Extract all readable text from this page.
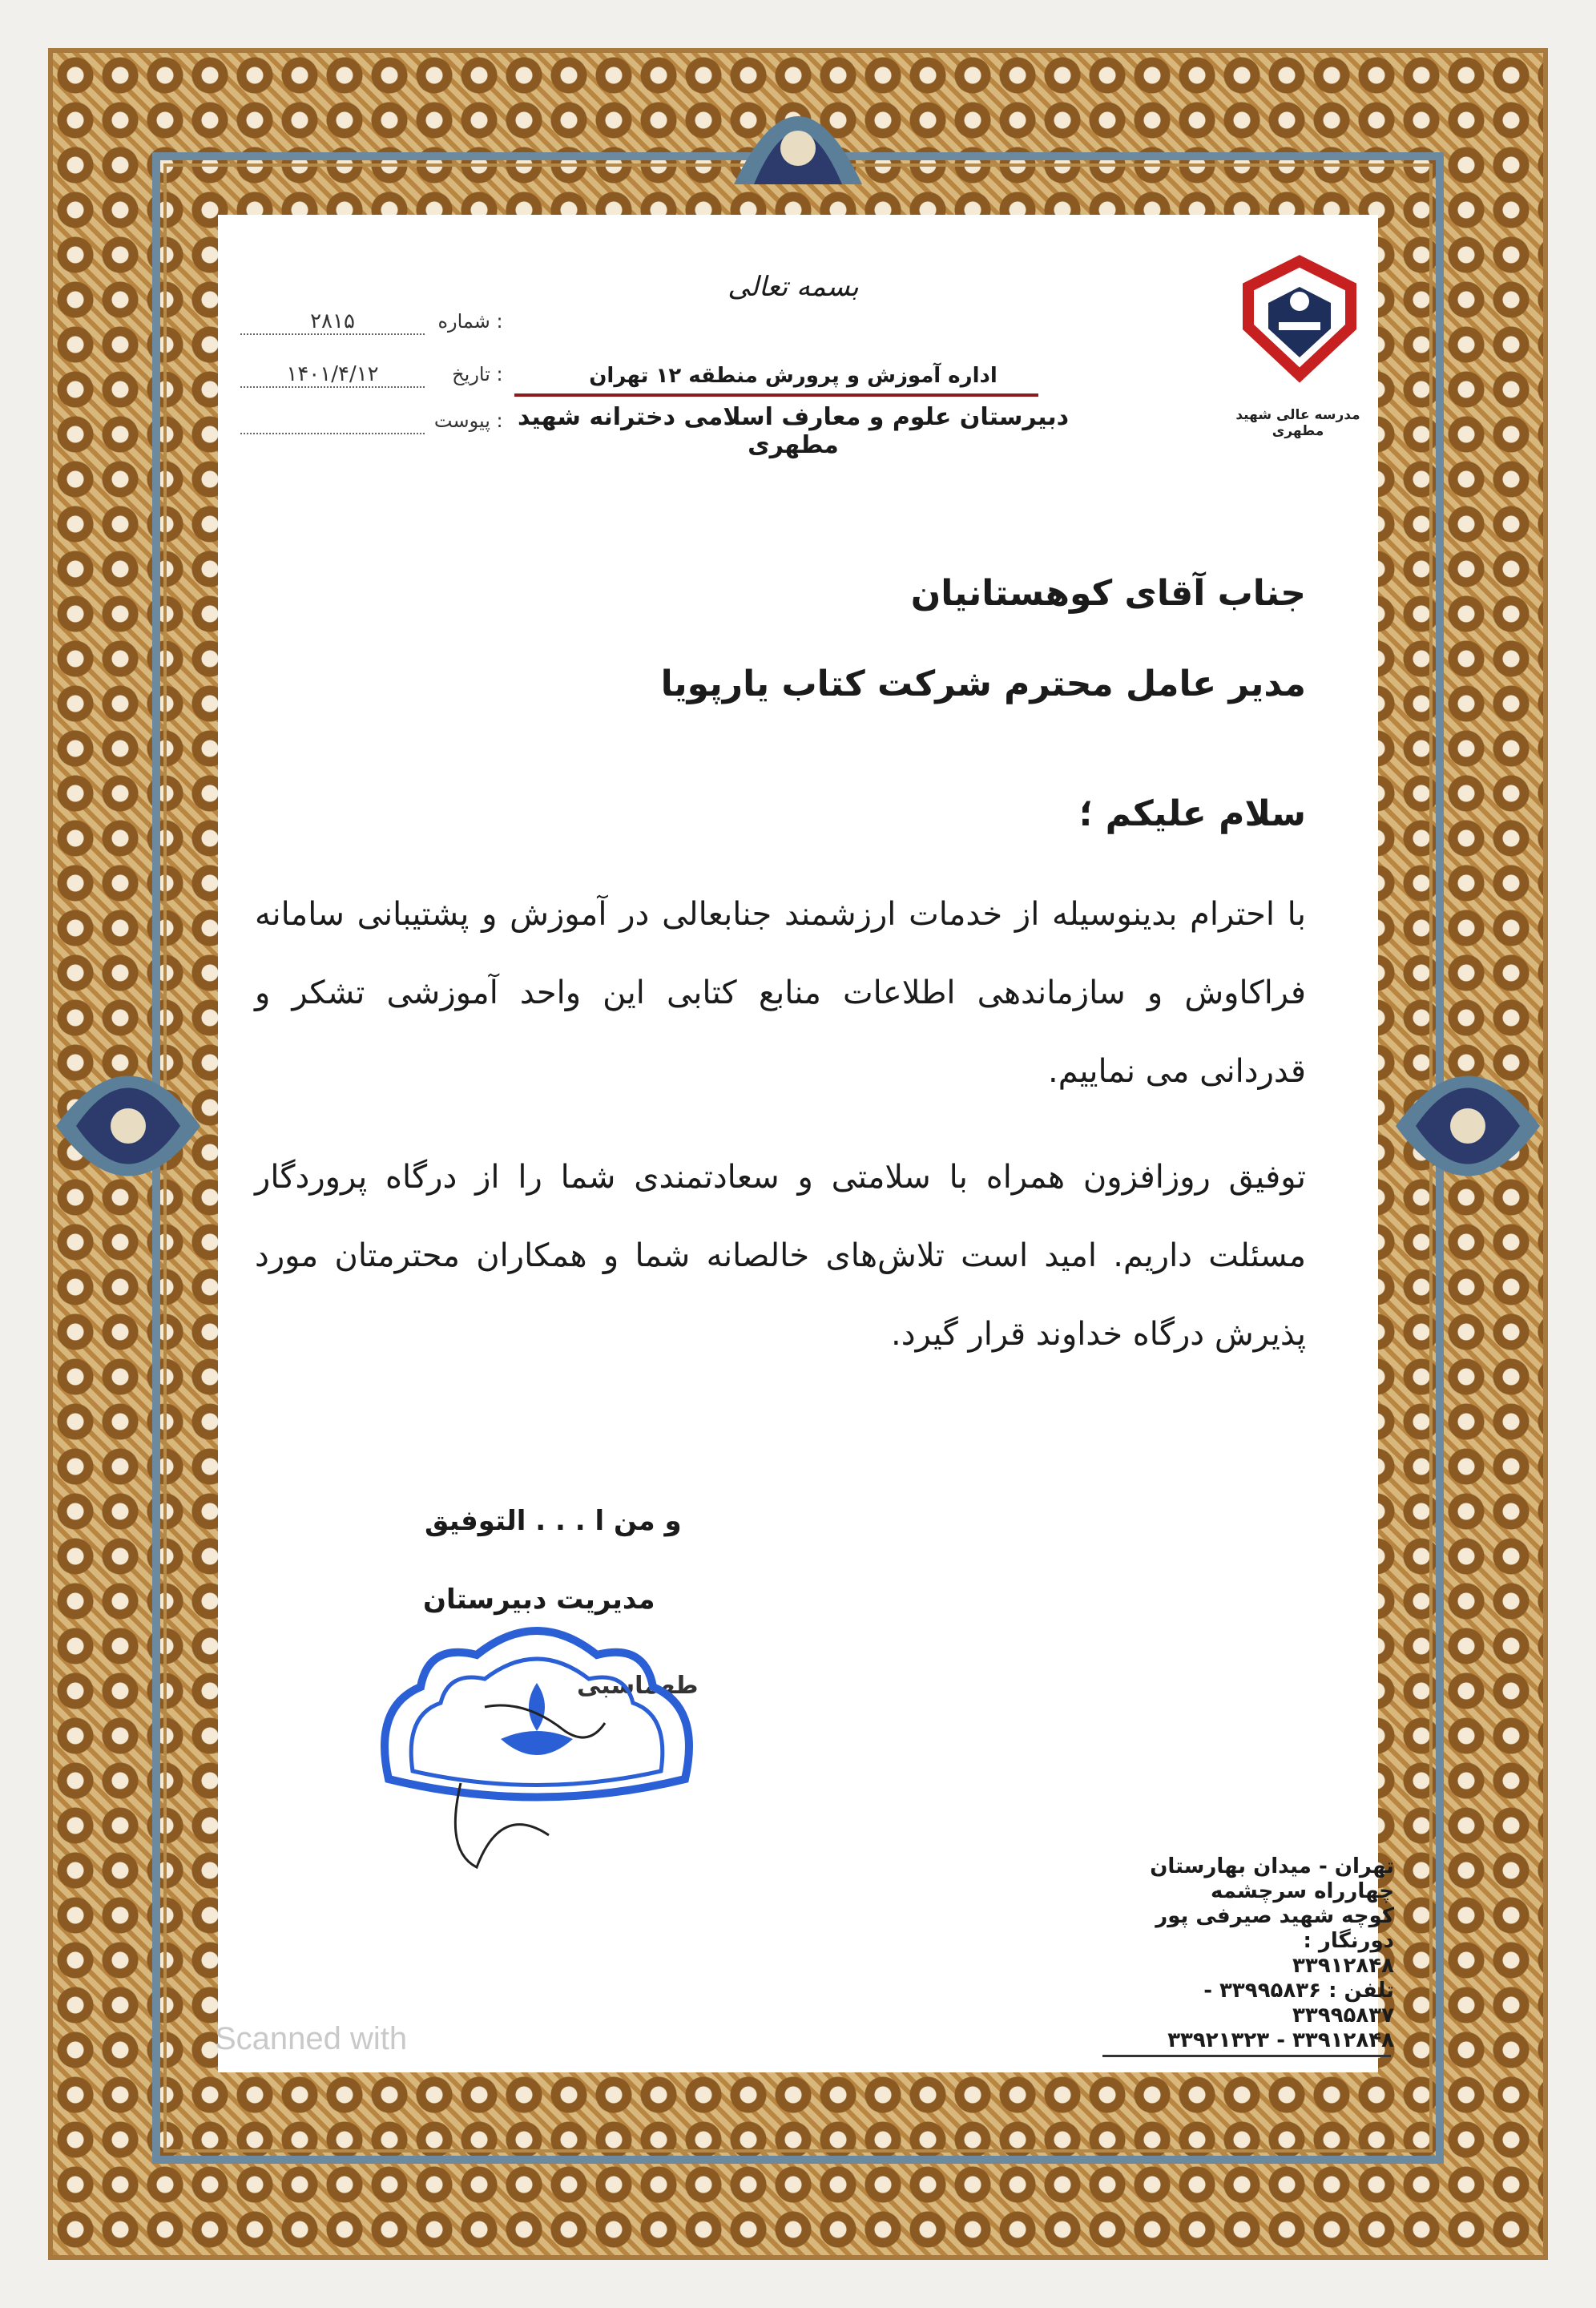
مدرسه عالی شهید مطهری
بسمه تعالی
اداره آموزش و پرورش منطقه ۱۲ تهران
دبیرستان علوم و معارف اسلامی دخترانه شهید مطهری
۲۸۱۵	شماره :
۱۴۰۱/۴/۱۲	تاریخ :
پیوست :
جناب آقای کوهستانیان
مدیر عامل محترم شرکت کتاب یارپویا
سلام علیکم ؛
با احترام بدینوسیله از خدمات ارزشمند جنابعالی در آموزش و پشتیبانی سامانه فراکاوش و سازماندهی اطلاعات منابع کتابی این واحد آموزشی تشکر و قدردانی می نماییم.
توفیق روزافزون همراه با سلامتی و سعادتمندی شما را از درگاه پروردگار مسئلت داریم. امید است تلاش‌های خالصانه شما و همکاران محترمتان مورد پذیرش درگاه خداوند قرار گیرد.
و من ا . . . التوفیق
مدیریت دبیرستان
طهماسبی
تهران - میدان بهارستان
چهارراه سرچشمه
کوچه شهید صیرفی پور
دورنگار :
۳۳۹۱۲۸۴۸
تلفن : ۳۳۹۹۵۸۳۶ - ۳۳۹۹۵۸۳۷
۳۳۹۱۲۸۴۸ - ۳۳۹۲۱۳۲۳
Scanned with
